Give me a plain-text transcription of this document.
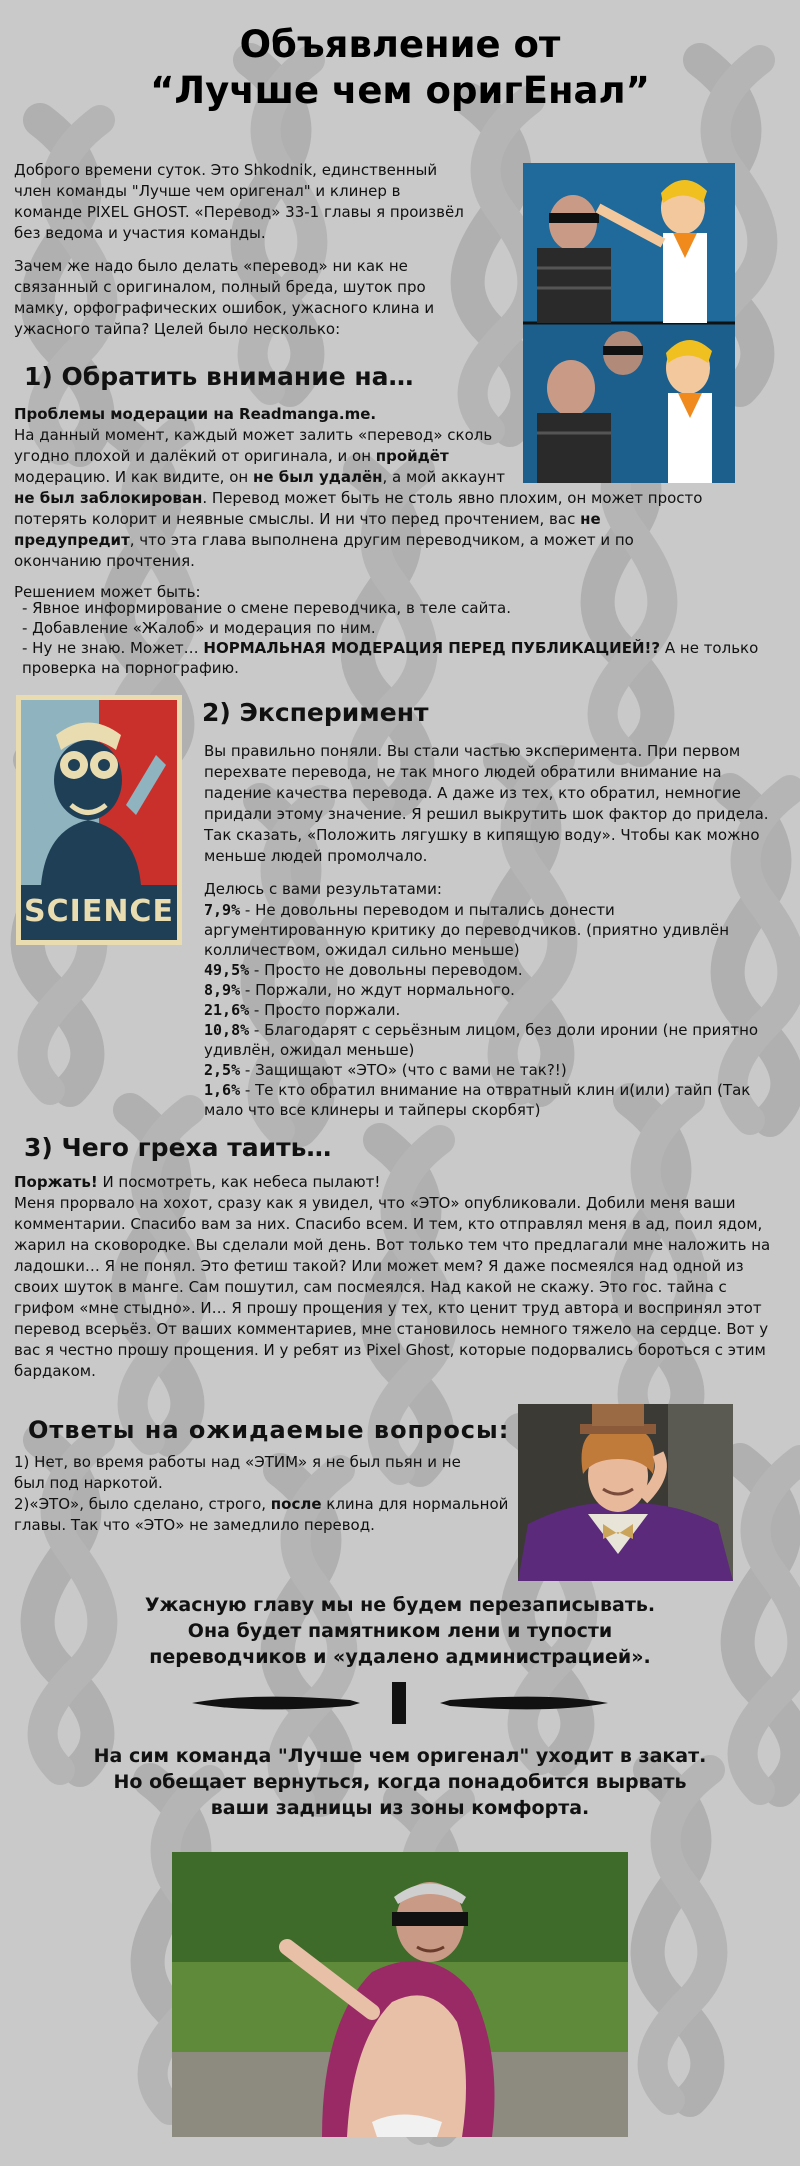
Объявление от
“Лучше чем оригЕнал”

Доброго времени суток. Это Shkodnik, единственный член команды "Лучше чем оригенал" и клинер в команде PIXEL GHOST. «Перевод» 33-1 главы я произвёл без ведома и участия команды.

Зачем же надо было делать «перевод» ни как не связанный с оригиналом, полный бреда, шуток про мамку, орфографических ошибок, ужасного клина и ужасного тайпа? Целей было несколько:

1) Обратить внимание на…

Проблемы модерации на Readmanga.me.

На данный момент, каждый может залить «перевод» сколь угодно плохой и далёкий от оригинала, и он пройдёт модерацию. И как видите, он не был удалён, а мой аккаунт

не был заблокирован. Перевод может быть не столь явно плохим, он может просто потерять колорит и неявные смыслы. И ни что перед прочтением, вас не предупредит, что эта глава выполнена другим переводчиком, а может и по окончанию прочтения.

Решением может быть:

- Явное информирование о смене переводчика, в теле сайта.
- Добавление «Жалоб» и модерация по ним.
- Ну не знаю. Может… НОРМАЛЬНАЯ МОДЕРАЦИЯ ПЕРЕД ПУБЛИКАЦИЕЙ!? А не только проверка на порнографию.
SCIENCE
2) Эксперимент

Вы правильно поняли. Вы стали частью эксперимента. При первом перехвате перевода, не так много людей обратили внимание на падение качества перевода. А даже из тех, кто обратил, немногие придали этому значение. Я решил выкрутить шок фактор до придела. Так сказать, «Положить лягушку в кипящую воду». Чтобы как можно меньше людей промолчало.

Делюсь с вами результатами:

7,9% - Не довольны переводом и пытались донести аргументированную критику до переводчиков. (приятно удивлён колличеством, ожидал сильно меньше)
49,5% - Просто не довольны переводом.
8,9% - Поржали, но ждут нормального.
21,6% - Просто поржали.
10,8% - Благодарят с серьёзным лицом, без доли иронии (не приятно удивлён, ожидал меньше)
2,5% - Защищают «ЭТО» (что с вами не так?!)
1,6% - Те кто обратил внимание на отвратный клин и(или) тайп (Так мало что все клинеры и тайперы скорбят)
3) Чего греха таить…

Поржать! И посмотреть, как небеса пылают!

Меня прорвало на хохот, сразу как я увидел, что «ЭТО» опубликовали. Добили меня ваши комментарии. Спасибо вам за них. Спасибо всем. И тем, кто отправлял меня в ад, поил ядом, жарил на сковородке. Вы сделали мой день. Вот только тем что предлагали мне наложить на ладошки… Я не понял. Это фетиш такой? Или может мем? Я даже посмеялся над одной из своих шуток в манге. Сам пошутил, сам посмеялся. Над какой не скажу. Это гос. тайна с грифом «мне стыдно». И… Я прошу прощения у тех, кто ценит труд автора и воспринял этот перевод всерьёз. От ваших комментариев, мне становилось немного тяжело на сердце. Вот у вас я честно прошу прощения. И у ребят из Pixel Ghost, которые подорвались бороться с этим бардаком.

Ответы на ожидаемые вопросы:

1) Нет, во время работы над «ЭТИМ» я не был пьян и не был под наркотой.

2)«ЭТО», было сделано, строго, после клина для нормальной главы. Так что «ЭТО» не замедлило перевод.

Ужасную главу мы не будем перезаписывать.
Она будет памятником лени и тупости
переводчиков и «удалено администрацией».
На сим команда "Лучше чем оригенал" уходит в закат.
Но обещает вернуться, когда понадобится вырвать
ваши задницы из зоны комфорта.
